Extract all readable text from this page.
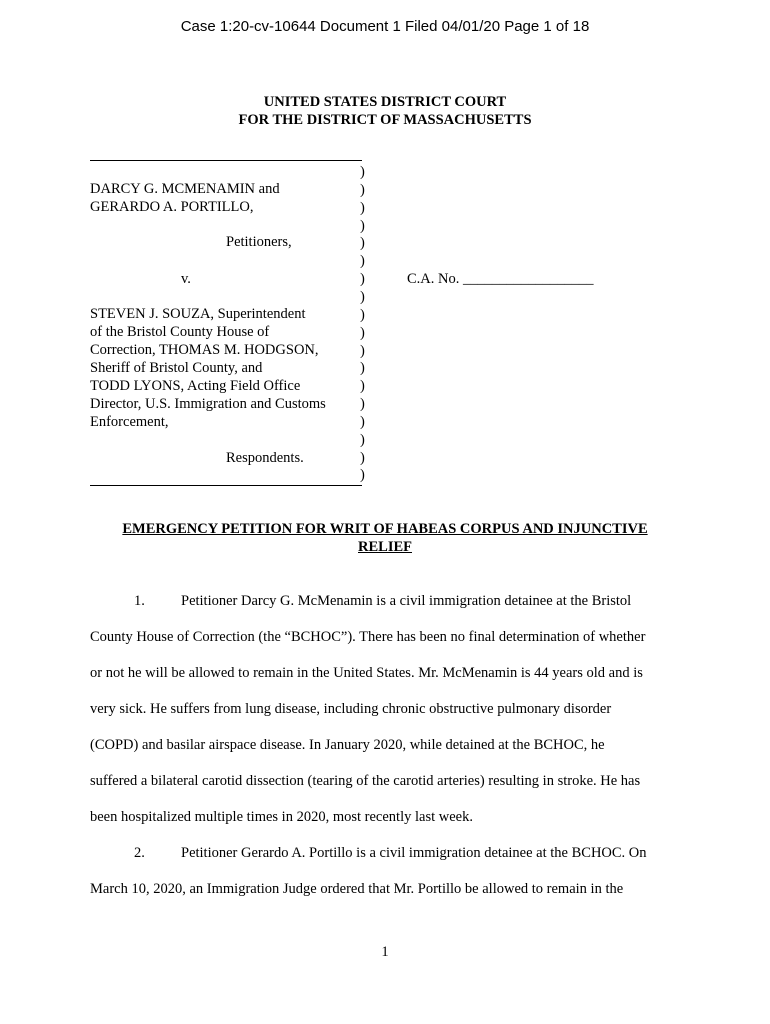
Case 1:20-cv-10644 Document 1 Filed 04/01/20 Page 1 of 18
UNITED STATES DISTRICT COURT
FOR THE DISTRICT OF MASSACHUSETTS
DARCY G. MCMENAMIN and
GERARDO A. PORTILLO,
Petitioners,
v.
STEVEN J. SOUZA, Superintendent
of the Bristol County House of
Correction, THOMAS M. HODGSON,
Sheriff of Bristol County, and
TODD LYONS, Acting Field Office
Director, U.S. Immigration and Customs
Enforcement,
Respondents.
)
)
)
)
)
)
)
)
)
)
)
)
)
)
)
)
)
)
C.A. No. __________________
EMERGENCY PETITION FOR WRIT OF HABEAS CORPUS AND INJUNCTIVE
RELIEF
1. Petitioner Darcy G. McMenamin is a civil immigration detainee at the Bristol
County House of Correction (the “BCHOC”). There has been no final determination of whether
or not he will be allowed to remain in the United States. Mr. McMenamin is 44 years old and is
very sick. He suffers from lung disease, including chronic obstructive pulmonary disorder
(COPD) and basilar airspace disease. In January 2020, while detained at the BCHOC, he
suffered a bilateral carotid dissection (tearing of the carotid arteries) resulting in stroke. He has
been hospitalized multiple times in 2020, most recently last week.
2. Petitioner Gerardo A. Portillo is a civil immigration detainee at the BCHOC. On
March 10, 2020, an Immigration Judge ordered that Mr. Portillo be allowed to remain in the
1
